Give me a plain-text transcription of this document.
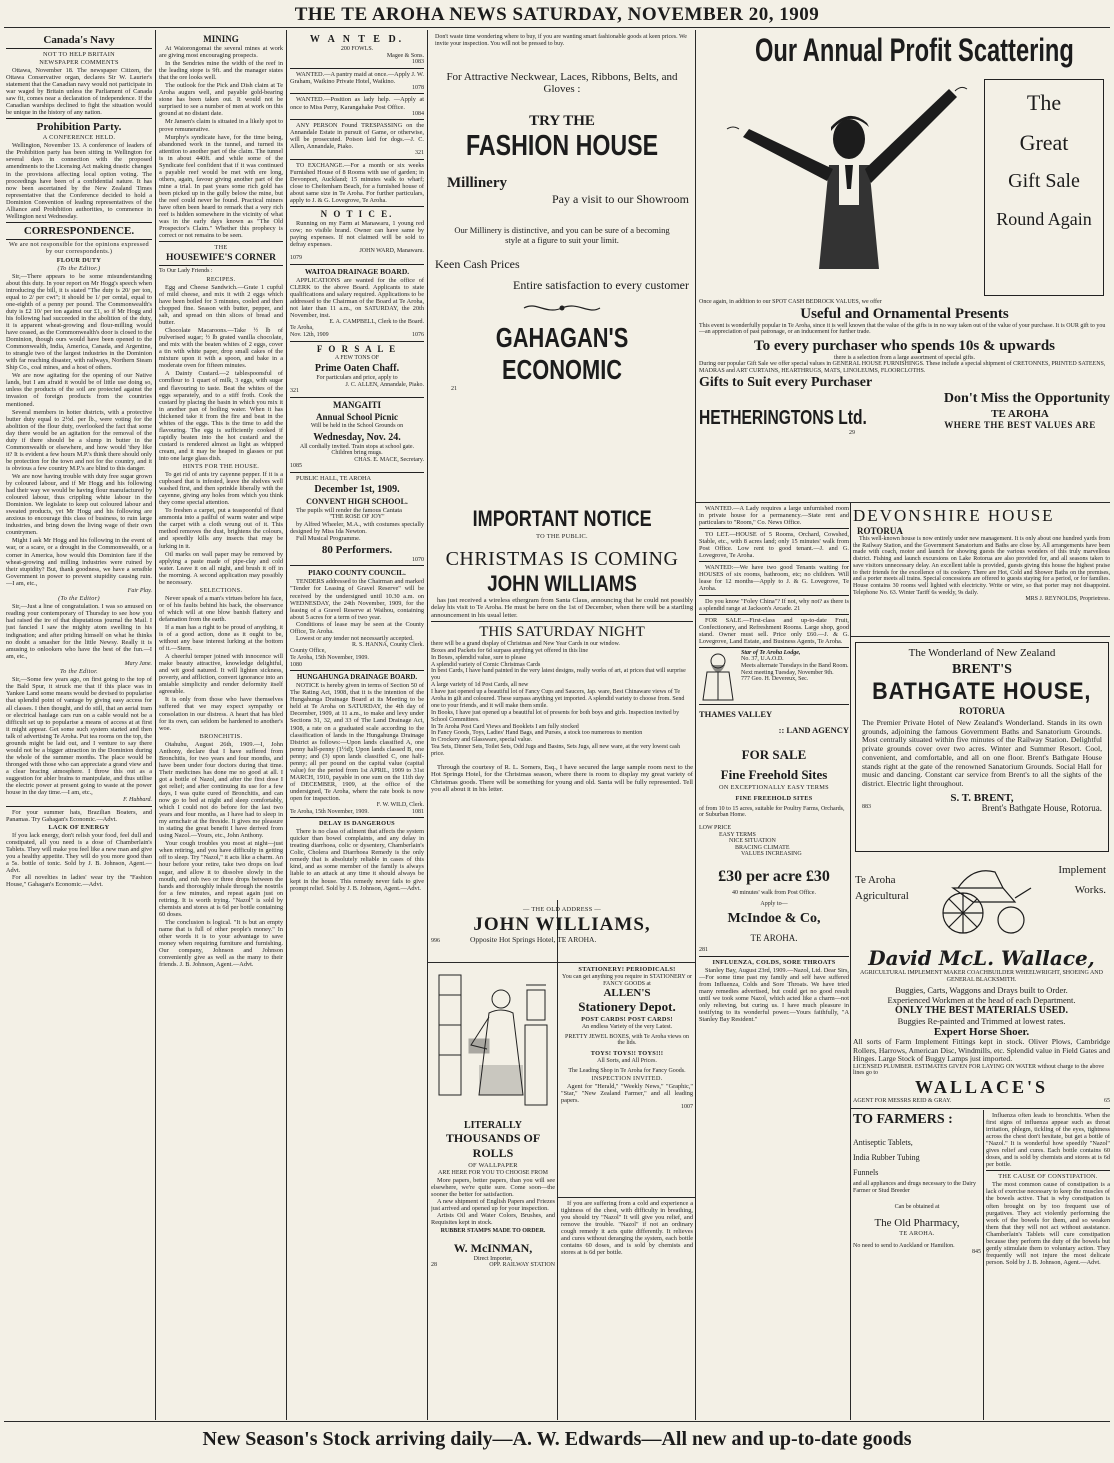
THE TE AROHA NEWS SATURDAY, NOVEMBER 20, 1909
Canada's Navy
NOT TO HELP BRITAIN
NEWSPAPER COMMENTS

Ottawa, November 18. The newspaper Citizen, the Ottawa Conservative organ, declares Sir W. Laurier's statement that the Canadian navy would not participate in war waged by Britain unless the Parliament of Canada saw fit, comes near a declaration of independence. If the Canadian warships declined to fight the situation would be unique in the history of any nation.

Prohibition Party.
A CONFERENCE HELD.

Wellington, November 13. A conference of leaders of the Prohibition party has been sitting in Wellington for several days in connection with the proposed amendments to the Licensing Act making drastic changes in the provisions affecting local option voting. The proceedings have been of a confidential nature. It has now been ascertained by the New Zealand Times representative that the Conference decided to hold a Dominion Convention of leading representatives of the Alliance and Prohibition authorities, to commence in Wellington next Wednesday.

CORRESPONDENCE.
We are not responsible for the opinions expressed by our correspondents.)
FLOUR DUTY
(To the Editor.)

Sir,—There appears to be some misunderstanding about this duty. In your report on Mr Hogg's speech when introducing the bill, it is stated "The duty is 20/ per ton, equal to 2/ per cwt"; it should be 1/ per cental, equal to one-eighth of a penny per pound. The Commonwealth's duty is £2 10/ per ton against our £1, so if Mr Hogg and his following had succeeded in the abolition of the duty, it is apparent wheat-growing and flour-milling would have ceased, as the Commonwealth's door is closed to the Dominion, though ours would have been opened to the Commonwealth, India, America, Canada, and Argentine, to strangle two of the largest industries in the Dominion with far reaching disaster, with railways, Northern Steam Ship Co., coal mines, and a host of others.

We are now agitating for the opening of our Native lands, but I am afraid it would be of little use doing so, unless the products of the soil are protected against the invasion of foreign products from the countries mentioned.

Several members in hotter districts, with a protective butter duty equal to 2½d. per lb., were voting for the abolition of the flour duty, overlooked the fact that some day there would be an agitation for the removal of the duty if there should be a slump in butter in the Commonwealth or elsewhere, and how would 'they like it? It is evident a few hours M.P.'s think there should only be protection for the town and not for the country, and it is obvious a few country M.P.'s are blind to this danger.

We are now having trouble with duty free sugar grown by coloured labour, and if Mr Hogg and his following had their way we would be having flour manufactured by coloured labour, thus crippling white labour in the Dominion. We legislate to keep out coloured labour and sweated products, yet Mr Hogg and his following are anxious to encourage this class of business, to ruin large industries, and bring down the living wage of their own countrymen.

Might I ask Mr Hogg and his following in the event of war, or a scare, or a drought in the Commonwealth, or a corner in America, how would this Dominion fare if the wheat-growing and milling industries were ruined by their stupidity? But, thank goodness, we have a sensible Government in power to prevent stupidity causing ruin.—I am, etc.,

Fair Play.
(To the Editor)

Sir,—Just a line of congratulation. I was so amused on reading your contemporary of Thursday to see how you had raised the ire of that disputatious journal the Mail. I just fancied I saw the mighty atom swelling in his indignation; and after priding himself on what he thinks no doubt a smasher for the little Newsy. Really it is amusing to onlookers who have the best of the fun.—I am, etc.,

Mary Jane.
To the Editor.

Sir,—Some few years ago, on first going to the top of the Bald Spur, it struck me that if this place was in Yankee Land some means would be devised to popularise that splendid point of vantage by giving easy access for all classes. I then thought, and do still, that an aerial tram or electrical haulage cars run on a cable would not be a difficult set up to popularise a means of access at at first it might appear. Get some such system started and then talk of advertising Te Aroha. Put tea rooms on the top, the grounds might be laid out, and I venture to say there would not be a bigger attraction in the Dominion during the whole of the summer months. The place would be thronged with those who can appreciate a grand view and a clear bracing atmosphere. I throw this out as a suggestion for abler brains to manipulate, and thus utilise the electric power at present going to waste at the power house in the day time.—I am, etc.,

F. Hubbard.
For your summer hats, Brazilian Boaters, and Panamas. Try Gahagan's Economic.—Advt.
LACK OF ENERGY
If you lack energy, don't relish your food, feel dull and constipated, all you need is a dose of Chamberlain's Tablets. They will make you feel like a new man and give you a healthy appetite. They will do you more good than a 5s. bottle of tonic. Sold by J. B. Johnson, Agent.—Advt.
For all novelties in ladies' wear try the "Fashion House," Gahagan's Economic.—Advt.
MINING

At Waiorongomai the several mines at work are giving most encouraging prospects.

In the Sendries mine the width of the reef in the leading stope is 9ft. and the manager states that the ore looks well.

The outlook for the Pick and Dish claim at Te Aroha augurs well, and payable gold-bearing stone has been taken out. It would not be surprised to see a number of men at work on this ground at no distant date.

Mr Jansen's claim is situated in a likely spot to prove remunerative.

Murphy's syndicate have, for the time being, abandoned work in the tunnel, and turned its attention to another part of the claim. The tunnel is in about 440ft. and while some of the Syndicate feel confident that if it was continued a payable reef would be met with ere long, others, again, favour giving another part of the mine a trial. In past years some rich gold has been picked up in the gully below the mine, but the reef could never be found. Practical miners have often been heard to remark that a very rich reef is hidden somewhere in the vicinity of what was in the early days known as "The Old Prospector's Claim." Whether this prophecy is correct or not remains to be seen.

THE
HOUSEWIFE'S CORNER
To Our Lady Friends :
RECIPES.

Egg and Cheese Sandwich.—Grate 1 cupful of mild cheese, and mix it with 2 eggs which have been boiled for 3 minutes, cooled and then chopped fine. Season with butter, pepper, and salt, and spread on thin slices of bread and butter.

Chocolate Macaroons.—Take ½ lb of pulverised sugar; ½ lb grated vanilla chocolate, and mix with the beaten whites of 2 eggs, cover a tin with white paper, drop small cakes of the mixture upon it with a spoon, and bake in a moderate oven for fifteen minutes.

A Dainty Custard.—2 tablespoonsful of cornflour to 1 quart of milk, 3 eggs, with sugar and flavouring to taste. Beat the whites of the eggs separately, and to a stiff froth. Cook the custard by placing the basin in which you mix it in another pan of boiling water. When it has thickened take it from the fire and beat in the whites of the eggs. This is the time to add the flavouring. The egg is sufficiently cooked if rapidly beaten into the hot custard and the custard is rendered almost as light as whipped cream, and it may be heaped in glasses or put into one large glass dish.

HINTS FOR THE HOUSE.

To get rid of ants try cayenne pepper. If it is a cupboard that is infested, leave the shelves well washed first, and then sprinkle liberally with the cayenne, giving any holes from which you think they come special attention.

To freshen a carpet, put a teaspoonful of fluid ammonia into a pailful of warm water and wipe the carpet with a cloth wrung out of it. This method removes the dust, brightens the colours, and speedily kills any insects that may be lurking in it.

Oil marks on wall paper may be removed by applying a paste made of pipe-clay and cold water. Leave it on all night, and brush it off in the morning. A second application may possibly be necessary.

SELECTIONS.

Never speak of a man's virtues before his face, or of his faults behind his back, the observance of which will at one blow banish flattery and defamation from the earth.

If a man has a right to be proud of anything, it is of a good action, done as it ought to be, without any base interest lurking at the bottom of it.—Stern.

A cheerful temper joined with innocence will make beauty attractive, knowledge delightful, and wit good natured. It will lighten sickness, poverty, and affliction, convert ignorance into an amiable simplicity and render deformity itself agreeable.

It is only from those who have themselves suffered that we may expect sympathy or consolation in our distress. A heart that has bled for its own, can seldom be hardened to another's woe.

BRONCHITIS.

Otahuhu, August 26th, 1909.—I, John Anthony, declare that I have suffered from Bronchitis, for two years and four months, and have been under four doctors during that time. Their medicines has done me no good at all. I got a bottle of Nazol, and after the first dose I got relief; and after continuing its use for a few days, I was quite cured of Bronchitis, and can now go to bed at night and sleep comfortably, which I could not do before for the last two years and four months, as I have had to sleep in my armchair at the fireside. It gives me pleasure in stating the great benefit I have derived from using Nazol.—Yours, etc., John Anthony.

Your cough troubles you most at night—just when retiring, and you have difficulty in getting off to sleep. Try "Nazol," it acts like a charm. An hour before your retire, take two drops on loaf sugar, and allow it to dissolve slowly in the mouth, and rub two or three drops between the hands and thoroughly inhale through the nostrils for a few minutes, and repeat again just on retiring. It is worth trying. "Nazol" is sold by chemists and stores at is 6d per bottle containing 60 doses.

The conclusion is logical. "It is but an empty name that is full of other people's money." In other words it is to your advantage to save money when requiring furniture and furnishing. Our company, Johnson and Johnson conveniently give as well as the many to their friends. J. B. Johnson, Agent.—Advt.

W A N T E D.
200 FOWLS.
Magee & Sons.
1083
WANTED.—A pantry maid at once.—Apply J. W. Graham, Waikino Private Hotel, Waikino.
1078
WANTED.—Position as lady help. —Apply at once to Miss Perry, Karangahake Post Office.
1084
ANY PERSON Found TRESPASSING on the Annandale Estate in pursuit of Game, or otherwise, will be prosecuted. Poison laid for dogs.—J. C. Allen, Annandale, Piako.
321
TO EXCHANGE.—For a month or six weeks Furnished House of 8 Rooms with use of garden; in Devonport, Auckland; 15 minutes walk to wharf; close to Cheltenham Beach, for a furnished house of about same size in Te Aroha. For further particulars, apply to J. & G. Lovegrove, Te Aroha.
N O T I C E.
Running on my Farm at Manawaru, 1 young red cow; no visible brand. Owner can have same by paying expenses. If not claimed will be sold to defray expenses.
JOHN WARD, Manawaru.
1079
WAITOA DRAINAGE BOARD.
APPLICATIONS are wanted for the office of CLERK to the above Board. Applicants to state qualifications and salary required. Applications to be addressed to the Chairman of the Board at Te Aroha, not later than 11 a.m., on SATURDAY, the 20th November, inst.
E. A. CAMPBELL, Clerk to the Board.
Te Aroha,
Nov. 12th, 1909	1076
F O R S A L E
A FEW TONS OF
Prime Oaten Chaff.
For particulars and price, apply to
J. C. ALLEN, Annandale, Piako.
321
MANGAITI
Annual School Picnic
Will be held in the School Grounds on
Wednesday, Nov. 24.
All cordially invited. Train stops at school gate. Children bring mugs.
CHAS. E. MACE, Secretary.
1085
PUBLIC HALL, TE AROHA
December 1st, 1909.
CONVENT HIGH SCHOOL.
The pupils will render the famous Cantata
"THE ROSE OF JOY"
by Alfred Wheeler, M.A., with costumes specially designed by Miss Ida Newton.
Full Musical Programme.
80 Performers.
1070
PIAKO COUNTY COUNCIL.
TENDERS addressed to the Chairman and marked "Tender for Leasing of Gravel Reserve" will be received by the undersigned until 10.30 a.m. on WEDNESDAY, the 24th November, 1909, for the leasing of a Gravel Reserve at Waihou, containing about 5 acres for a term of two year.
Conditions of lease may be seen at the County Office, Te Aroha.
Lowest or any tender not necessarily accepted.
R. S. HANNA, County Clerk.
County Office,
Te Aroha, 15th November, 1909.
1080
HUNGAHUNGA DRAINAGE BOARD.
NOTICE is hereby given in terms of Section 50 of The Rating Act, 1908, that it is the intention of the Hungahunga Drainage Board at its Meeting to be held at Te Aroha on SATURDAY, the 4th day of December, 1909, at 11 a.m., to make and levy under Sections 31, 32, and 33 of The Land Drainage Act, 1908, a rate on a graduated scale according to the classification of lands in the Hungahunga Drainage District as follows:—Upon lands classified A, one penny half-penny (1½d); Upon lands classed B, one penny; and (3) upon lands classified C, one half-penny; all per pound on the capital value (capital value) for the period from 1st APRIL, 1909 to 31st MARCH, 1910, payable in one sum on the 11th day of DECEMBER, 1909, at the office of the undersigned, Te Aroha, where the rate book is now open for inspection.
F. W. WILD, Clerk.
Te Aroha, 15th November, 1909.	1081
DELAY IS DANGEROUS
There is no class of ailment that affects the system quicker than bowel complaints, and any delay in treating diarrhoea, colic or dysentery, Chamberlain's Colic, Cholera and Diarrhoea Remedy is the only remedy that is absolutely reliable in cases of this kind, and as some member of the family is always liable to an attack at any time it should always be kept in the house. This remedy never fails to give prompt relief. Sold by J. B. Johnson, Agent.—Advt.
Don't waste time wondering where to buy, if you are wanting smart fashionable goods at keen prices. We invite your inspection. You will not be pressed to buy.
For Attractive Neckwear, Laces, Ribbons, Belts, and Gloves :
TRY THE
FASHION HOUSE
Millinery
Pay a visit to our Showroom
Our Millinery is distinctive, and you can be sure of a becoming style at a figure to suit your limit.
Keen Cash Prices
Entire satisfaction to every customer
GAHAGAN'S ECONOMIC
21
IMPORTANT NOTICE
TO THE PUBLIC.
CHRISTMAS IS COMING
JOHN WILLIAMS
has just received a wireless ethergram from Santa Claus, announcing that he could not possibly delay his visit to Te Aroha. He must be here on the 1st of December, when there will be a startling announcement in his usual letter.
THIS SATURDAY NIGHT
there will be a grand display of Christmas and New Year Cards in our window.
Boxes and Packets for 6d surpass anything yet offered in this line
In Boxes, splendid value, sure to please
A splendid variety of Comic Christmas Cards
In best Cards, I have hand painted in the very latest designs, really works of art, at prices that will surprise you
A large variety of 1d Post Cards, all new
I have just opened up a beautiful lot of Fancy Cups and Saucers, Jap. ware, Best Chinaware views of Te Aroha in gilt and coloured. These surpass anything yet imported. A splendid variety to choose from. Send one to your friends, and it will make them smile.
In Books, I have just opened up a beautiful lot of presents for both boys and girls. Inspection invited by School Committees.
In Te Aroha Post Card Views and Booklets I am fully stocked
In Fancy Goods, Toys, Ladies' Hand Bags, and Purses, a stock too numerous to mention
In Crockery and Glassware, special value.
Tea Sets, Dinner Sets, Toilet Sets, Odd Jugs and Basins, Sets Jugs, all new ware, at the very lowest cash price.
Through the courtesy of R. L. Somers, Esq., I have secured the large sample room next to the Hot Springs Hotel, for the Christmas season, where there is room to display my great variety of Christmas goods. There will be something for young and old. Santa will be fully represented. Tell you all about it in his letter.
— THE OLD ADDRESS —
JOHN WILLIAMS,
996	Opposite Hot Springs Hotel, TE AROHA.
LITERALLY
THOUSANDS OF ROLLS
OF WALLPAPER
ARE HERE FOR YOU TO CHOOSE FROM
More papers, better papers, than you will see elsewhere, we're quite sure. Come soon—the sooner the better for satisfaction.
A new shipment of English Papers and Friezes just arrived and opened up for your inspection.
Artists Oil and Water Colors, Brushes, and Requisites kept in stock.
RUBBER STAMPS MADE TO ORDER.
W. McINMAN,
Direct Importer,
28	OPP. RAILWAY STATION
STATIONERY! PERIODICALS!
You can get anything you require in STATIONERY or FANCY GOODS at
ALLEN'S
Stationery Depot.
POST CARDS! POST CARDS!
An endless Variety of the very Latest.
PRETTY JEWEL BOXES, with Te Aroha views on the lids.
TOYS! TOYS!! TOYS!!!
All Sorts, and All Prices.
The Leading Shop in Te Aroha for Fancy Goods.
INSPECTION INVITED.
Agent for "Herald," "Weekly News," "Graphic," "Star," "New Zealand Farmer," and all leading papers.
1007
If you are suffering from a cold and experience a tightness of the chest, with difficulty in breathing, you should try "Nazol" It will give you relief, and remove the trouble. "Nazol" if not an ordinary cough remedy it acts quite differently. It relieves and cures without deranging the system, each bottle contains 60 doses, and is sold by chemists and stores at is 6d per bottle.
WANTED.—A Lady requires a large unfurnished room in private house for a permanency.—State rent and particulars to "Room," Co. News Office.
TO LET.—HOUSE of 5 Rooms, Orchard, Cowshed, Stable, etc., with 8 acres land; only 15 minutes' walk from Post Office. Low rent to good tenant.—J. and G. Lovegrove, Te Aroha.
WANTED:—We have two good Tenants waiting for HOUSES of six rooms, bathroom, etc; no children. Will lease for 12 months—Apply to J. & G. Lovegrove, Te Aroha.
Do you know "Foley China"? If not, why not? as there is a splendid range at Jackson's Arcade. 21
FOR SALE.—First-class and up-to-date Fruit, Confectionery, and Refreshment Rooms. Large shop, good stand. Owner must sell. Price only £60.—J. & G. Lovegrove, Land Estate, and Business Agents, Te Aroha.
Star of Te Aroha Lodge,
No. 37, U.A.O.D.
Meets alternate Tuesdays in the Band Room. Next meeting Tuesday, November 9th.
777 Geo. H. Devereux, Sec.
THAMES VALLEY
:: LAND AGENCY
FOR SALE
Fine Freehold Sites
ON EXCEPTIONALLY EASY TERMS
FINE FREEHOLD SITES
of from 10 to 15 acres, suitable for Poultry Farms, Orchards, or Suburban Home.
LOW PRICE
EASY TERMS
NICE SITUATION
BRACING CLIMATE
VALUES INCREASING
£30 per acre £30
40 minutes' walk from Post Office.
Apply to—
McIndoe & Co,
TE AROHA.
281
INFLUENZA, COLDS, SORE THROATS
Stanley Bay, August 23rd, 1909.—Nazol, Ltd. Dear Sirs,—For some time past my family and self have suffered from Influenza, Colds and Sore Throats. We have tried many remedies advertised, but could get no good result until we took some Nazol, which acted like a charm—not only relieving, but curing us. I have much pleasure in testifying to its wonderful power.—Yours faithfully, "A Stanley Bay Resident."
Our Annual Profit Scattering
The
Great
Gift Sale
Round Again
Once again, in addition to our SPOT CASH BEDROCK VALUES, we offer
Useful and Ornamental Presents
This event is wonderfully popular in Te Aroha, since it is well known that the value of the gifts is in no way taken out of the value of your purchase. It is OUR gift to you—an appreciation of past patronage, or an inducement for further trade.
To every purchaser who spends 10s & upwards
there is a selection from a large assortment of special gifts.
During our popular Gift Sale we offer special values in GENERAL HOUSE FURNISHINGS. These include a special shipment of CRETONNES, PRINTED SATEENS, MADRAS and ART CURTAINS, HEARTHRUGS, MATS, LINOLEUMS, FLOORCLOTHS.
Gifts to Suit every Purchaser
Don't Miss the Opportunity
HETHERINGTONS Ltd.	TE AROHA
WHERE THE BEST VALUES ARE
29
DEVONSHIRE HOUSE
ROTORUA
This well-known house is now entirely under new management. It is only about one hundred yards from the Railway Station, and the Government Sanatorium and Baths are close by. All arrangements have been made with coach, motor and launch for showing guests the various wonders of this truly marvellous district. Fishing and launch excursions on Lake Rotorua are also provided for, and all seasons taken to save visitors unnecessary delay. An excellent table is provided, guests giving this house the highest praise to their friends for the excellence of its cookery. There are Hot, Cold and Shower Baths on the premises, and a porter meets all trains. Special concessions are offered to guests staying for a period, or for families. House contains 30 rooms well lighted with electricity. Write or wire, so that porter may not disappoint. Telephone No. 63. Winter Tariff 6s weekly, 9s daily.
MRS J. REYNOLDS, Proprietress.
The Wonderland of New Zealand
BRENT'S
BATHGATE HOUSE,
ROTORUA
The Premier Private Hotel of New Zealand's Wonderland. Stands in its own grounds, adjoining the famous Government Baths and Sanatorium Grounds. Most centrally situated within five minutes of the Railway Station. Delightful private grounds cover over two acres. Winter and Summer Resort. Cool, convenient, and comfortable, and all on one floor. Brent's Bathgate House stands right at the gate of the renowned Sanatorium Grounds. Social Hall for music and dancing. Constant car service from Brent's to all the sights of the district. Electric light throughout.
S. T. BRENT,
883	Brent's Bathgate House, Rotorua.
Te Aroha
Agricultural
Implement
Works.
David McL. Wallace,
AGRICULTURAL IMPLEMENT MAKER COACHBUILDER WHEELWRIGHT, SHOEING AND GENERAL BLACKSMITH.
Buggies, Carts, Waggons and Drays built to Order.
Experienced Workmen at the head of each Department.
ONLY THE BEST MATERIALS USED.
Buggies Re-painted and Trimmed at lowest rates.
Expert Horse Shoer.
All sorts of Farm Implement Fittings kept in stock. Oliver Plows, Cambridge Rollers, Harrows, American Disc, Windmills, etc. Splendid value in Field Gates and Hinges. Large Stock of Buggy Lamps just imported.
LICENSED PLUMBER. ESTIMATES GIVEN FOR LAYING ON WATER without charge to the above lines go to
WALLACE'S
AGENT FOR MESSRS REID & GRAY.	65
TO FARMERS :
Antiseptic Tablets,
India Rubber Tubing
Funnels
and all appliances and drugs necessary to the Dairy Farmer or Stud Breeder
Can be obtained at
The Old Pharmacy,
TE AROHA.
No need to send to Auckland or Hamilton.
845
Influenza often leads to bronchitis. When the first signs of influenza appear such as throat irritation, phlegm, tickling of the eyes, tightness across the chest don't hesitate, but get a bottle of "Nazol." It is wonderful how speedily "Nazol" gives relief and cures. Each bottle contains 60 doses, and is sold by chemists and stores at is 6d per bottle.
THE CAUSE OF CONSTIPATION.
The most common cause of constipation is a lack of exercise necessary to keep the muscles of the bowels active. That is why constipation is often brought on by too frequent use of purgatives. They act violently performing the work of the bowels for them, and so weaken them that they will not act without assistance. Chamberlain's Tablets will cure constipation because they perform the duty of the bowels but gently stimulate them to voluntary action. They frequently will not injure the most delicate person. Sold by J. B. Johnson, Agent.—Advt.
New Season's Stock arriving daily—A. W. Edwards—All new and up-to-date goods
